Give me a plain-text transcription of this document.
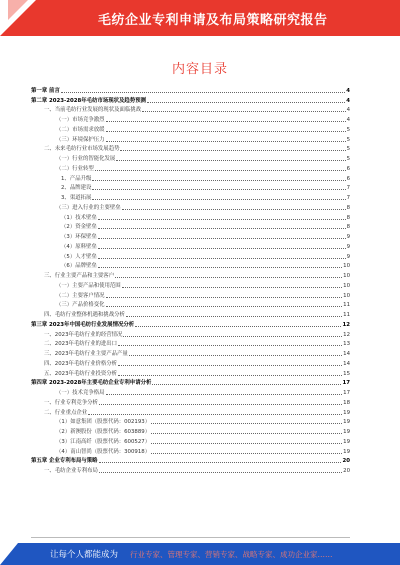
毛纺企业专利申请及布局策略研究报告
内容目录
第一章 前言	4
第二章 2023-2028年毛纺市场现状及趋势预测	4
一、当前毛纺行业发展的现状及面临挑战	4
（一）市场竞争激烈	4
（二）市场需求放缓	5
（三）环境保护压力	5
二、未来毛纺行业市场发展趋势	5
（一）行业的智能化发展	5
（二）行业转型	6
1、产品升级	6
2、品牌建设	7
3、渠道拓展	7
（三）进入行业的主要壁垒	8
（1）技术壁垒	8
（2）资金壁垒	8
（3）环保壁垒	9
（4）原料壁垒	9
（5）人才壁垒	9
（6）品牌壁垒	10
三、行业主要产品和主要客户	10
（一）主要产品和使用范围	10
（二）主要客户情况	10
（三）产品价格变化	11
四、毛纺行业整体机遇和挑战分析	11
第三章 2023年中国毛纺行业发展情况分析	12
一、2023年毛纺行业的经营情况	12
二、2023年毛纺行业的进出口	13
三、2023年毛纺行业主要产品产量	14
四、2023年毛纺行业价格分析	14
五、2023年毛纺行业投资分析	15
第四章 2023-2028年主要毛纺企业专利申请分析	17
（一）技术竞争格局	17
一、行业专利竞争分析	18
二、行业重点企业	19
（1）如意集团（股票代码：002193）	19
（2）新澳股份（股票代码：603889）	19
（3）江南高纤（股票代码：600527）	19
（4）南山智尚（股票代码：300918）	19
第五章 企业专利布局与策略	20
一、毛纺企业专利布局	20
让每个人都能成为 行业专家、管理专家、营销专家、战略专家、成功企业家……
